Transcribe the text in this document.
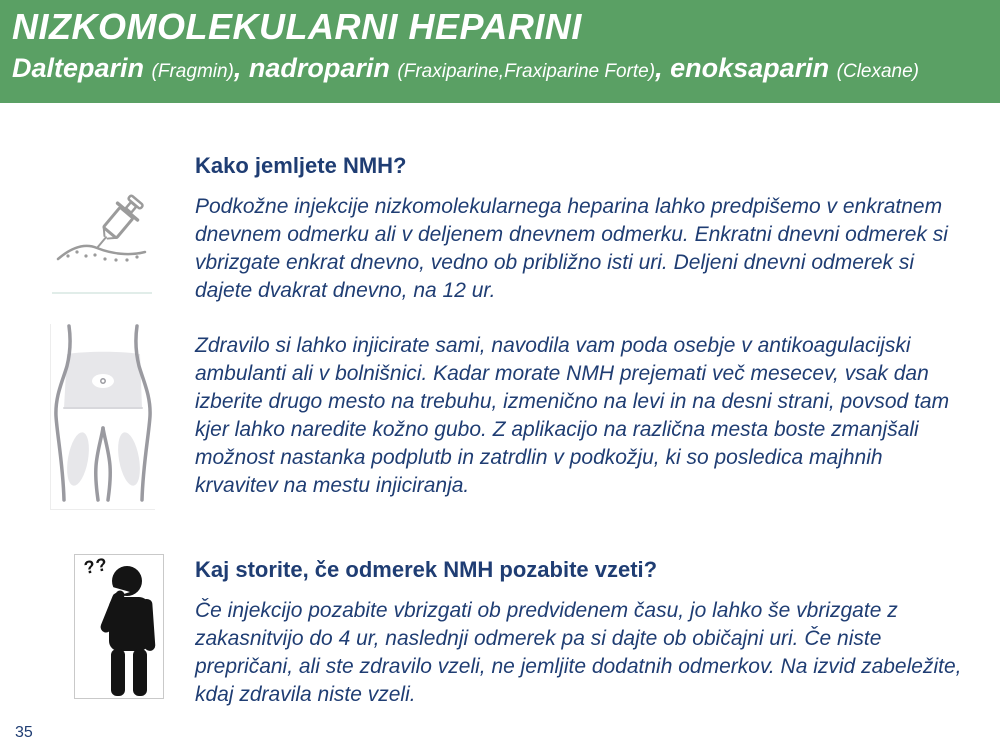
NIZKOMOLEKULARNI HEPARINI
Dalteparin (Fragmin), nadroparin (Fraxiparine,Fraxiparine Forte), enoksaparin (Clexane)
Kako jemljete NMH?

Podkožne injekcije nizkomolekularnega heparina lahko predpišemo v enkratnem dnevnem odmerku ali v deljenem dnevnem odmerku. Enkratni dnevni odmerek si vbrizgate enkrat dnevno, vedno ob približno isti uri. Deljeni dnevni odmerek si dajete dvakrat dnevno, na 12 ur.

Zdravilo si lahko injicirate sami, navodila vam poda osebje v antikoagulacijski ambulanti ali v bolnišnici. Kadar morate NMH prejemati več mesecev, vsak dan izberite drugo mesto na trebuhu, izmenično na levi in na desni strani, povsod tam kjer lahko naredite kožno gubo. Z aplikacijo na različna mesta boste zmanjšali možnost nastanka podplutb in zatrdlin v podkožju, ki so posledica majhnih krvavitev na mestu injiciranja.

??	Kaj storite, če odmerek NMH pozabite vzeti?

Če injekcijo pozabite vbrizgati ob predvidenem času, jo lahko še vbrizgate z zakasnitvijo do 4 ur, naslednji odmerek pa si dajte ob običajni uri. Če niste prepričani, ali ste zdravilo vzeli, ne jemljite dodatnih odmerkov. Na izvid zabeležite, kdaj zdravila niste vzeli.

35
